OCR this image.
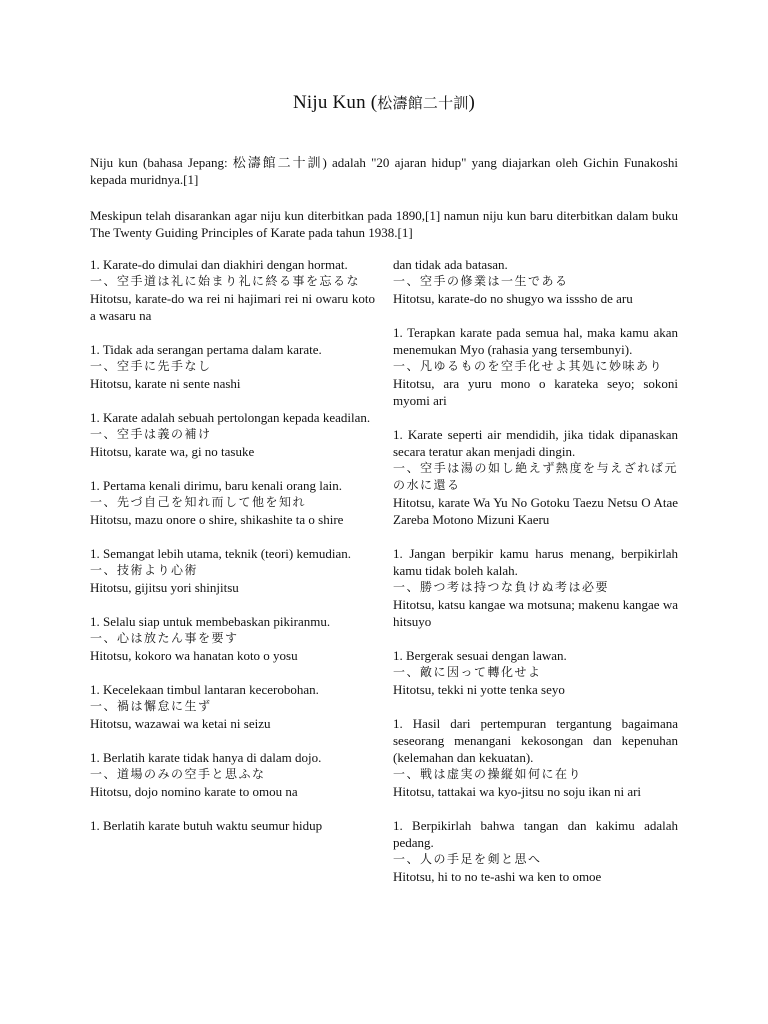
Niju Kun (松濤館二十訓)

Niju kun (bahasa Jepang: 松濤館二十訓) adalah "20 ajaran hidup" yang diajarkan oleh Gichin Funakoshi kepada muridnya.[1]

Meskipun telah disarankan agar niju kun diterbitkan pada 1890,[1] namun niju kun baru diterbitkan dalam buku The Twenty Guiding Principles of Karate pada tahun 1938.[1]

1. Karate-do dimulai dan diakhiri dengan hormat.
一、空手道は礼に始まり礼に終る事を忘るな
Hitotsu, karate-do wa rei ni hajimari rei ni owaru koto a wasaru na
1. Tidak ada serangan pertama dalam karate.
一、空手に先手なし
Hitotsu, karate ni sente nashi
1. Karate adalah sebuah pertolongan kepada keadilan.
一、空手は義の補け
Hitotsu, karate wa, gi no tasuke
1. Pertama kenali dirimu, baru kenali orang lain.
一、先づ自己を知れ而して他を知れ
Hitotsu, mazu onore o shire, shikashite ta o shire
1. Semangat lebih utama, teknik (teori) kemudian.
一、技術より心術
Hitotsu, gijitsu yori shinjitsu
1. Selalu siap untuk membebaskan pikiranmu.
一、心は放たん事を要す
Hitotsu, kokoro wa hanatan koto o yosu
1. Kecelekaan timbul lantaran kecerobohan.
一、禍は懈怠に生ず
Hitotsu, wazawai wa ketai ni seizu
1. Berlatih karate tidak hanya di dalam dojo.
一、道場のみの空手と思ふな
Hitotsu, dojo nomino karate to omou na
1. Berlatih karate butuh waktu seumur hidup
dan tidak ada batasan.
一、空手の修業は一生である
Hitotsu, karate-do no shugyo wa isssho de aru
1. Terapkan karate pada semua hal, maka kamu akan menemukan Myo (rahasia yang tersembunyi).
一、凡ゆるものを空手化せよ其処に妙味あり
Hitotsu, ara yuru mono o karateka seyo; sokoni myomi ari
1. Karate seperti air mendidih, jika tidak dipanaskan secara teratur akan menjadi dingin.
一、空手は湯の如し絶えず熱度を与えざれば元の水に還る
Hitotsu, karate Wa Yu No Gotoku Taezu Netsu O Atae Zareba Motono Mizuni Kaeru
1. Jangan berpikir kamu harus menang, berpikirlah kamu tidak boleh kalah.
一、勝つ考は持つな負けぬ考は必要
Hitotsu, katsu kangae wa motsuna; makenu kangae wa hitsuyo
1. Bergerak sesuai dengan lawan.
一、敵に因って轉化せよ
Hitotsu, tekki ni yotte tenka seyo
1. Hasil dari pertempuran tergantung bagaimana seseorang menangani kekosongan dan kepenuhan (kelemahan dan kekuatan).
一、戦は虚実の操縦如何に在り
Hitotsu, tattakai wa kyo-jitsu no soju ikan ni ari
1. Berpikirlah bahwa tangan dan kakimu adalah pedang.
一、人の手足を剣と思へ
Hitotsu, hi to no te-ashi wa ken to omoe
